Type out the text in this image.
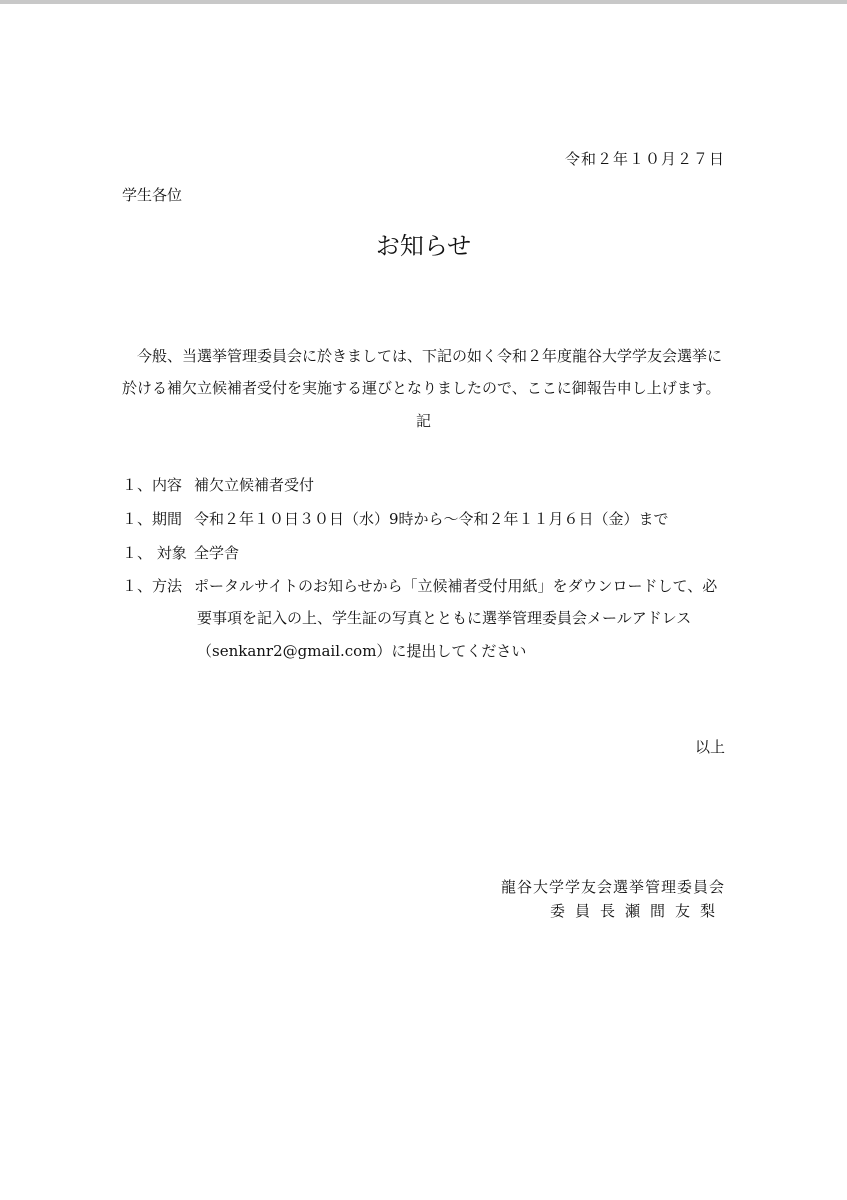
令和２年１０月２７日
学生各位
お知らせ
今般、当選挙管理委員会に於きましては、下記の如く令和２年度龍谷大学学友会選挙に於ける補欠立候補者受付を実施する運びとなりましたので、ここに御報告申し上げます。
記
１、内容 補欠立候補者受付
１、期間 令和２年１０日３０日（水）9時から～令和２年１１月６日（金）まで
１、 対象 全学舎
１、方法 ポータルサイトのお知らせから「立候補者受付用紙」をダウンロードして、必
要事項を記入の上、学生証の写真とともに選挙管理委員会メールアドレス
（senkanr2@gmail.com）に提出してください
以上
龍谷大学学友会選挙管理委員会
委員長瀬間友梨
